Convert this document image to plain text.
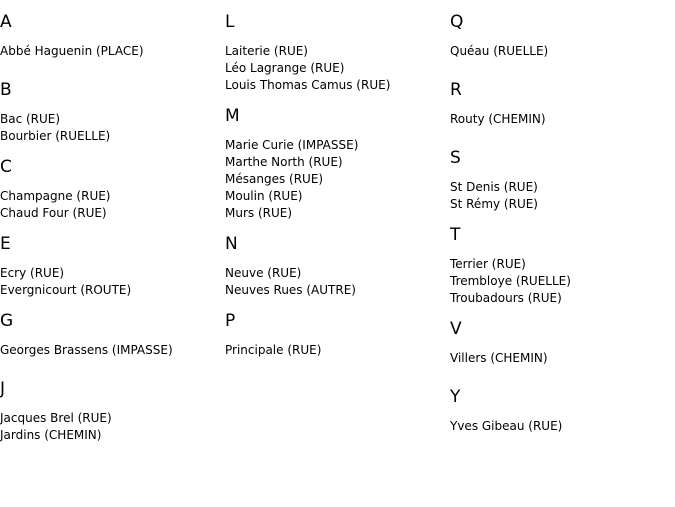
A
Abbé Haguenin (PLACE)
B
Bac (RUE)
Bourbier (RUELLE)
C
Champagne (RUE)
Chaud Four (RUE)
E
Ecry (RUE)
Evergnicourt (ROUTE)
G
Georges Brassens (IMPASSE)
J
Jacques Brel (RUE)
Jardins (CHEMIN)
L
Laiterie (RUE)
Léo Lagrange (RUE)
Louis Thomas Camus (RUE)
M
Marie Curie (IMPASSE)
Marthe North (RUE)
Mésanges (RUE)
Moulin (RUE)
Murs (RUE)
N
Neuve (RUE)
Neuves Rues (AUTRE)
P
Principale (RUE)
Q
Quéau (RUELLE)
R
Routy (CHEMIN)
S
St Denis (RUE)
St Rémy (RUE)
T
Terrier (RUE)
Trembloye (RUELLE)
Troubadours (RUE)
V
Villers (CHEMIN)
Y
Yves Gibeau (RUE)
